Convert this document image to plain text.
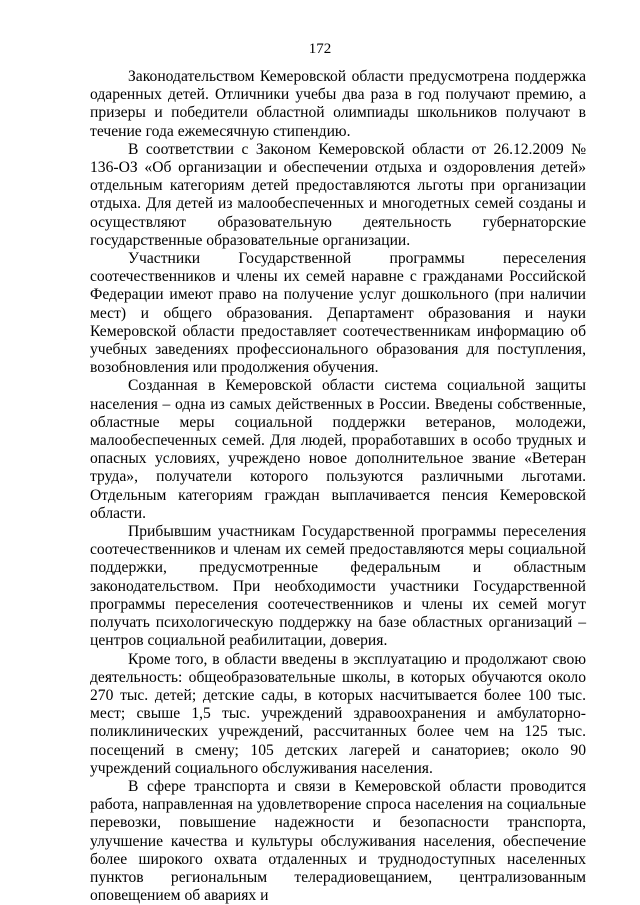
172

Законодательством Кемеровской области предусмотрена поддержка одаренных детей. Отличники учебы два раза в год получают премию, а призеры и победители областной олимпиады школьников получают в течение года ежемесячную стипендию.

В соответствии с Законом Кемеровской области от 26.12.2009 № 136-ОЗ «Об организации и обеспечении отдыха и оздоровления детей» отдельным категориям детей предоставляются льготы при организации отдыха. Для детей из малообеспеченных и многодетных семей созданы и осуществляют образовательную деятельность губернаторские государственные образовательные организации.

Участники Государственной программы переселения соотечественников и члены их семей наравне с гражданами Российской Федерации имеют право на получение услуг дошкольного (при наличии мест) и общего образования. Департамент образования и науки Кемеровской области предоставляет соотечественникам информацию об учебных заведениях профессионального образования для поступления, возобновления или продолжения обучения.

Созданная в Кемеровской области система социальной защиты населения – одна из самых действенных в России. Введены собственные, областные меры социальной поддержки ветеранов, молодежи, малообеспеченных семей. Для людей, проработавших в особо трудных и опасных условиях, учреждено новое дополнительное звание «Ветеран труда», получатели которого пользуются различными льготами. Отдельным категориям граждан выплачивается пенсия Кемеровской области.

Прибывшим участникам Государственной программы переселения соотечественников и членам их семей предоставляются меры социальной поддержки, предусмотренные федеральным и областным законодательством. При необходимости участники Государственной программы переселения соотечественников и члены их семей могут получать психологическую поддержку на базе областных организаций – центров социальной реабилитации, доверия.

Кроме того, в области введены в эксплуатацию и продолжают свою деятельность: общеобразовательные школы, в которых обучаются около 270 тыс. детей; детские сады, в которых насчитывается более 100 тыс. мест; свыше 1,5 тыс. учреждений здравоохранения и амбулаторно-поликлинических учреждений, рассчитанных более чем на 125 тыс. посещений в смену; 105 детских лагерей и санаториев; около 90 учреждений социального обслуживания населения.

В сфере транспорта и связи в Кемеровской области проводится работа, направленная на удовлетворение спроса населения на социальные перевозки, повышение надежности и безопасности транспорта, улучшение качества и культуры обслуживания населения, обеспечение более широкого охвата отдаленных и труднодоступных населенных пунктов региональным телерадиовещанием, централизованным оповещением об авариях и
